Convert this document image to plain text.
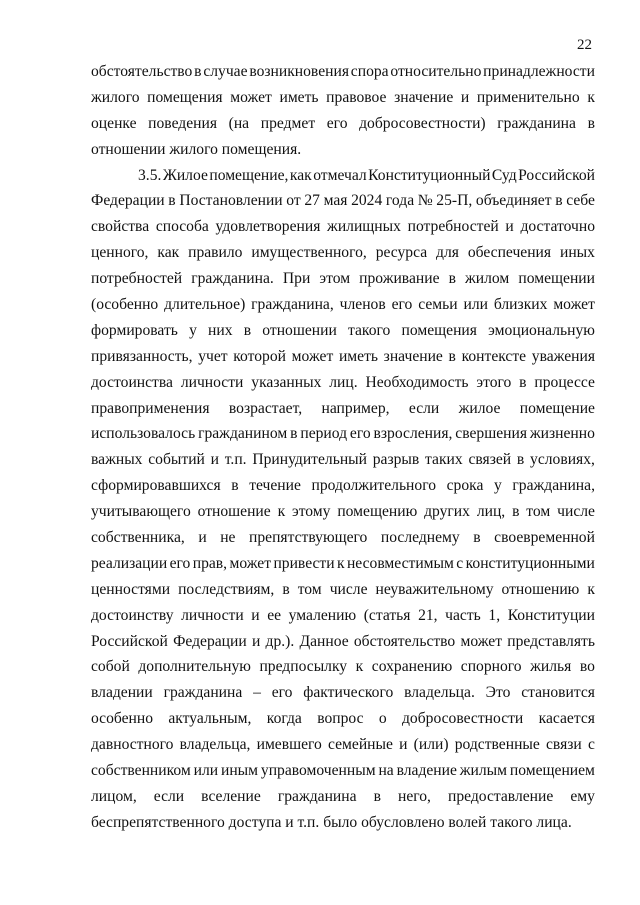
22
обстоятельство в случае возникновения спора относительно принадлежности
жилого помещения может иметь правовое значение и применительно к
оценке поведения (на предмет его добросовестности) гражданина в
отношении жилого помещения.
3.5. Жилое помещение, как отмечал Конституционный Суд Российской
Федерации в Постановлении от 27 мая 2024 года № 25-П, объединяет в себе
свойства способа удовлетворения жилищных потребностей и достаточно
ценного, как правило имущественного, ресурса для обеспечения иных
потребностей гражданина. При этом проживание в жилом помещении
(особенно длительное) гражданина, членов его семьи или близких может
формировать у них в отношении такого помещения эмоциональную
привязанность, учет которой может иметь значение в контексте уважения
достоинства личности указанных лиц. Необходимость этого в процессе
правоприменения возрастает, например, если жилое помещение
использовалось гражданином в период его взросления, свершения жизненно
важных событий и т.п. Принудительный разрыв таких связей в условиях,
сформировавшихся в течение продолжительного срока у гражданина,
учитывающего отношение к этому помещению других лиц, в том числе
собственника, и не препятствующего последнему в своевременной
реализации его прав, может привести к несовместимым с конституционными
ценностями последствиям, в том числе неуважительному отношению к
достоинству личности и ее умалению (статья 21, часть 1, Конституции
Российской Федерации и др.). Данное обстоятельство может представлять
собой дополнительную предпосылку к сохранению спорного жилья во
владении гражданина – его фактического владельца. Это становится
особенно актуальным, когда вопрос о добросовестности касается
давностного владельца, имевшего семейные и (или) родственные связи с
собственником или иным управомоченным на владение жилым помещением
лицом, если вселение гражданина в него, предоставление ему
беспрепятственного доступа и т.п. было обусловлено волей такого лица.
